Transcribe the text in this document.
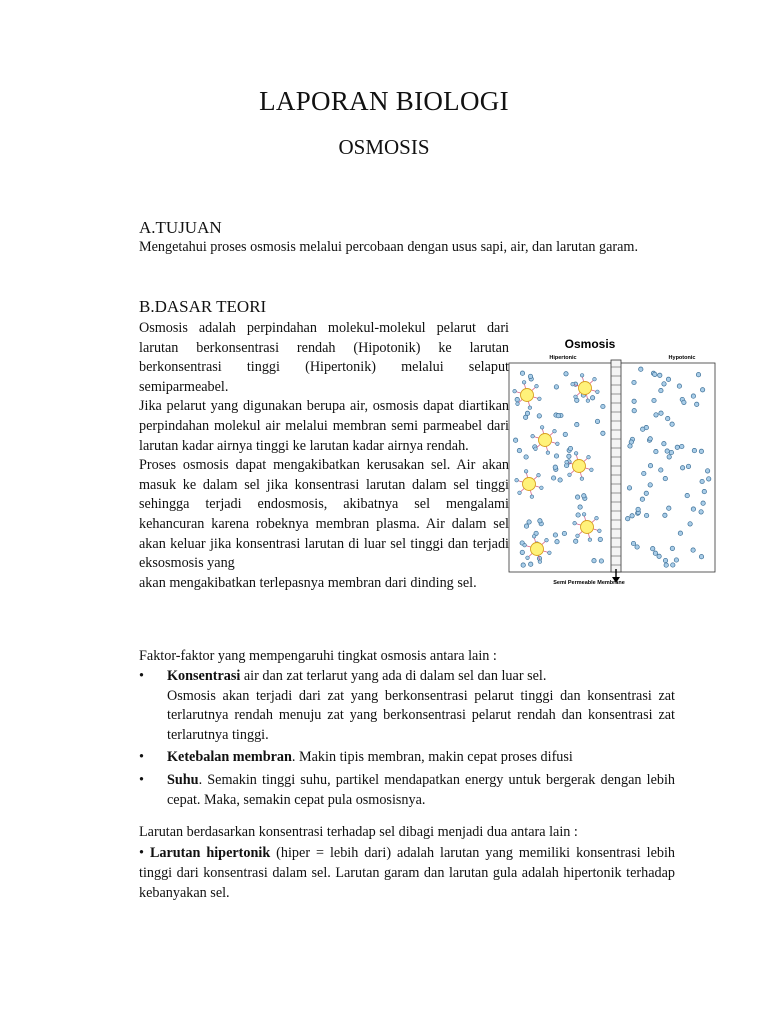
LAPORAN BIOLOGI
OSMOSIS
A.TUJUAN

Mengetahui proses osmosis melalui percobaan dengan usus sapi, air, dan larutan garam.

B.DASAR TEORI

Osmosis adalah perpindahan molekul-molekul pelarut dari larutan berkonsentrasi rendah (Hipotonik) ke larutan berkonsentrasi tinggi (Hipertonik) melalui selaput semiparmeabel.

Jika pelarut yang digunakan berupa air, osmosis dapat diartikan perpindahan molekul air melalui membran semi parmeabel dari larutan kadar airnya tinggi ke larutan kadar airnya rendah.

Proses osmosis dapat mengakibatkan kerusakan sel. Air akan masuk ke dalam sel jika konsentrasi larutan dalam sel tinggi sehingga terjadi endosmosis, akibatnya sel mengalami kehancuran karena robeknya membran plasma. Air dalam sel akan keluar jika konsentrasi larutan di luar sel tinggi dan terjadi eksosmosis yang

akan mengakibatkan terlepasnya membran dari dinding sel.

Osmosis
Hipertonic	Hypotonic
Semi Permeable Membrane

Faktor-faktor yang mempengaruhi tingkat osmosis antara lain :

• Konsentrasi air dan zat terlarut yang ada di dalam sel dan luar sel.
Osmosis akan terjadi dari zat yang berkonsentrasi pelarut tinggi dan konsentrasi zat terlarutnya rendah menuju zat yang berkonsentrasi pelarut rendah dan konsentrasi zat terlarutnya tinggi.
• Ketebalan membran. Makin tipis membran, makin cepat proses difusi
• Suhu. Semakin tinggi suhu, partikel mendapatkan energy untuk bergerak dengan lebih cepat. Maka, semakin cepat pula osmosisnya.

Larutan berdasarkan konsentrasi terhadap sel dibagi menjadi dua antara lain :

• Larutan hipertonik (hiper = lebih dari) adalah larutan yang memiliki konsentrasi lebih tinggi dari konsentrasi dalam sel. Larutan garam dan larutan gula adalah hipertonik terhadap kebanyakan sel.
